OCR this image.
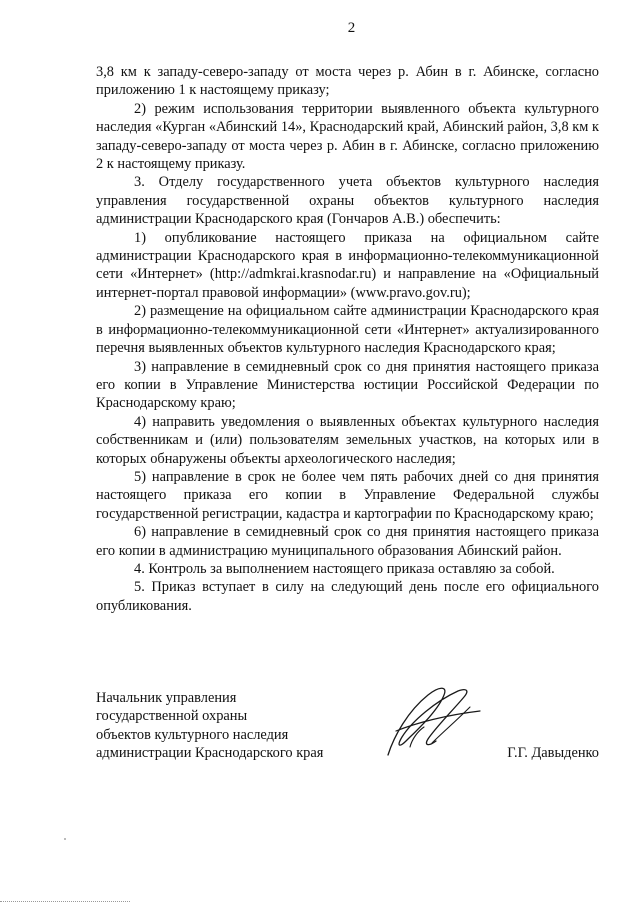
2

3,8 км к западу-северо-западу от моста через р. Абин в г. Абинске, согласно приложению 1 к настоящему приказу;

2) режим использования территории выявленного объекта культурного наследия «Курган «Абинский 14», Краснодарский край, Абинский район, 3,8 км к западу-северо-западу от моста через р. Абин в г. Абинске, согласно приложению 2 к настоящему приказу.

3. Отделу государственного учета объектов культурного наследия управления государственной охраны объектов культурного наследия администрации Краснодарского края (Гончаров А.В.) обеспечить:

1) опубликование настоящего приказа на официальном сайте администрации Краснодарского края в информационно-телекоммуникационной сети «Интернет» (http://admkrai.krasnodar.ru) и направление на «Официальный интернет-портал правовой информации» (www.pravo.gov.ru);

2) размещение на официальном сайте администрации Краснодарского края в информационно-телекоммуникационной сети «Интернет» актуализированного перечня выявленных объектов культурного наследия Краснодарского края;

3) направление в семидневный срок со дня принятия настоящего приказа его копии в Управление Министерства юстиции Российской Федерации по Краснодарскому краю;

4) направить уведомления о выявленных объектах культурного наследия собственникам и (или) пользователям земельных участков, на которых или в которых обнаружены объекты археологического наследия;

5) направление в срок не более чем пять рабочих дней со дня принятия настоящего приказа его копии в Управление Федеральной службы государственной регистрации, кадастра и картографии по Краснодарскому краю;

6) направление в семидневный срок со дня принятия настоящего приказа его копии в администрацию муниципального образования Абинский район.

4. Контроль за выполнением настоящего приказа оставляю за собой.

5. Приказ вступает в силу на следующий день после его официального опубликования.

Начальник управления
государственной охраны
объектов культурного наследия
администрации Краснодарского края	Г.Г. Давыденко
